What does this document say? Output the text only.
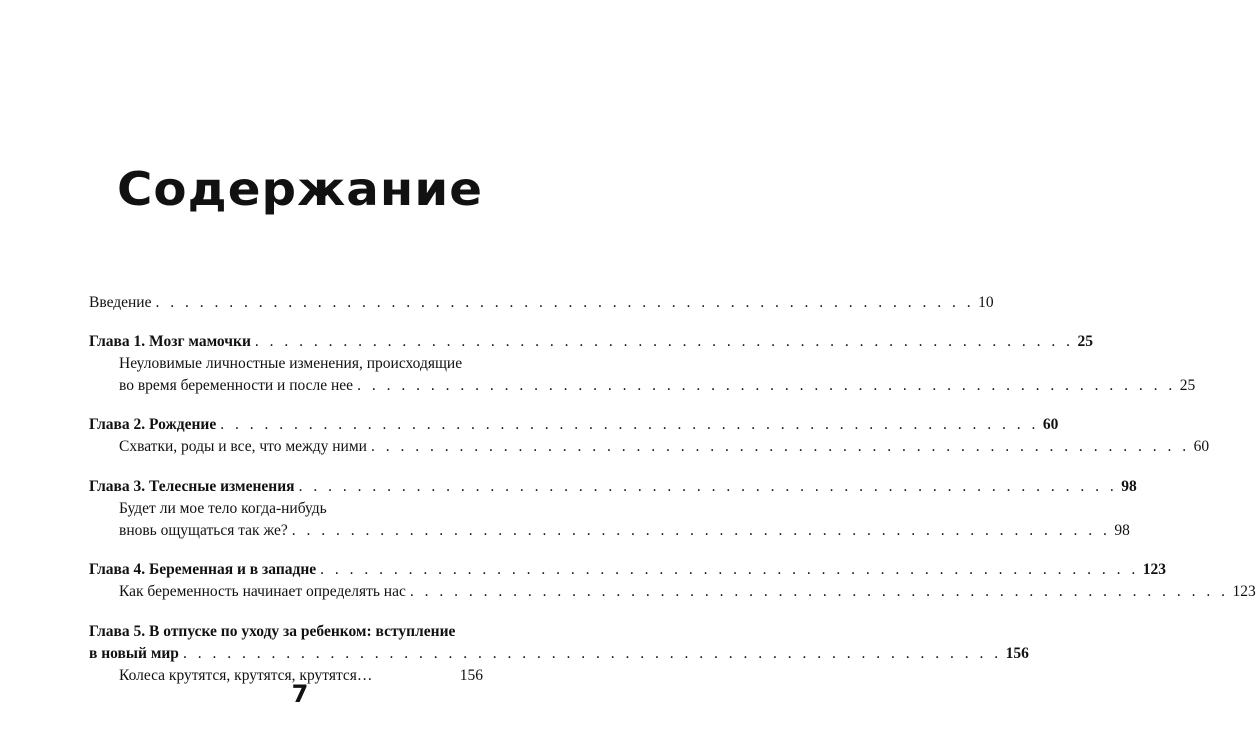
Содержание
Введение . . . . . . . . . . . . . . . . . . . . . . . . . . . . . . . . . . . . . . . . . . . . . . . . . . . . . . . . 10
Глава 1. Мозг мамочки . . . . . . . . . . . . . . . . . . . . . . . . . . . . . . . . . . . . . . . . . . . . . . . . . . . . . . . . 25
Неуловимые личностные изменения, происходящие
во время беременности и после нее . . . . . . . . . . . . . . . . . . . . . . . . . . . . . . . . . . . . . . . . . . . . . . . . . . . . . . . . 25
Глава 2. Рождение . . . . . . . . . . . . . . . . . . . . . . . . . . . . . . . . . . . . . . . . . . . . . . . . . . . . . . . . 60
Схватки, роды и все, что между ними . . . . . . . . . . . . . . . . . . . . . . . . . . . . . . . . . . . . . . . . . . . . . . . . . . . . . . . . 60
Глава 3. Телесные изменения . . . . . . . . . . . . . . . . . . . . . . . . . . . . . . . . . . . . . . . . . . . . . . . . . . . . . . . . 98
Будет ли мое тело когда-нибудь
вновь ощущаться так же? . . . . . . . . . . . . . . . . . . . . . . . . . . . . . . . . . . . . . . . . . . . . . . . . . . . . . . . . 98
Глава 4. Беременная и в западне . . . . . . . . . . . . . . . . . . . . . . . . . . . . . . . . . . . . . . . . . . . . . . . . . . . . . . . . 123
Как беременность начинает определять нас . . . . . . . . . . . . . . . . . . . . . . . . . . . . . . . . . . . . . . . . . . . . . . . . . . . . . . . . 123
Глава 5. В отпуске по уходу за ребенком: вступление
в новый мир . . . . . . . . . . . . . . . . . . . . . . . . . . . . . . . . . . . . . . . . . . . . . . . . . . . . . . . . 156
Колеса крутятся, крутятся, крутятся…	156
7
